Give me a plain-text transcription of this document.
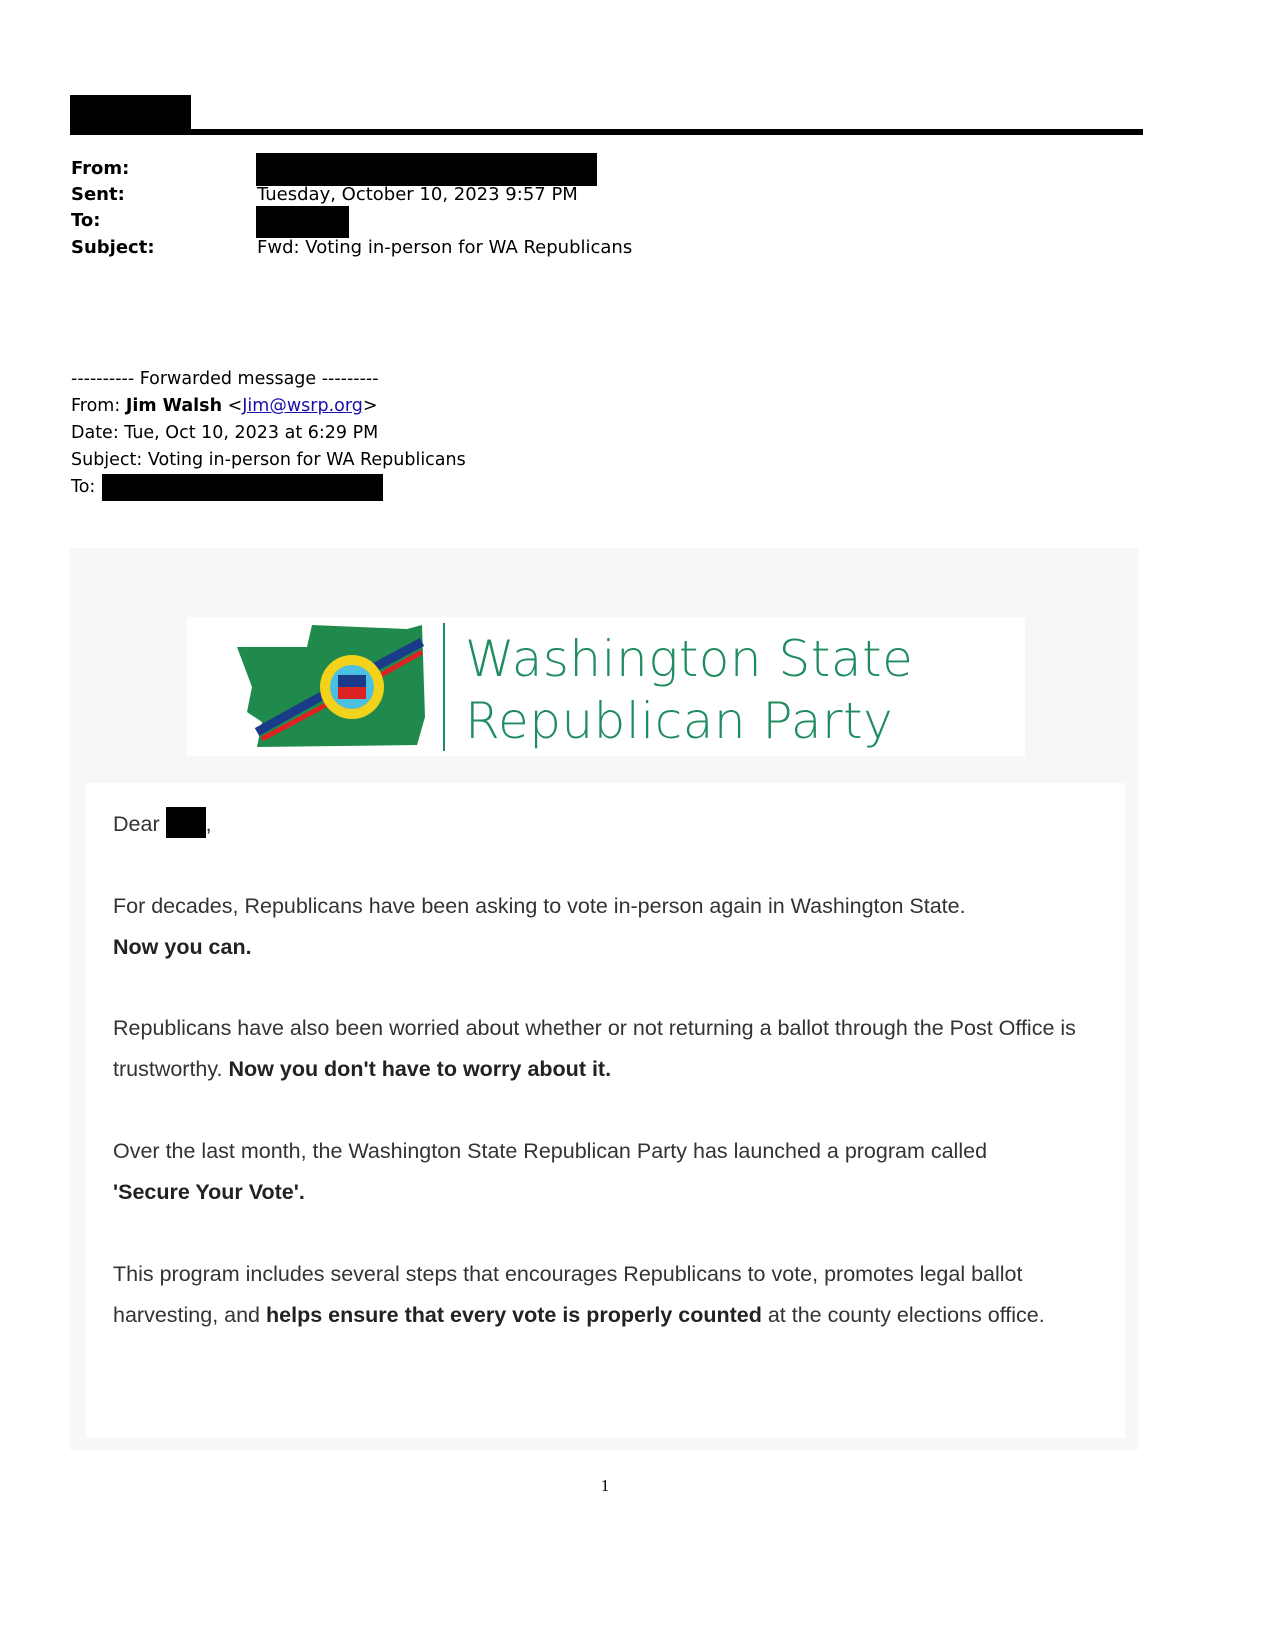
From:
Sent:	Tuesday, October 10, 2023 9:57 PM
To:
Subject:	Fwd: Voting in-person for WA Republicans
---------- Forwarded message ---------
From: Jim Walsh <Jim@wsrp.org>
Date: Tue, Oct 10, 2023 at 6:29 PM
Subject: Voting in-person for WA Republicans
To:
Washington State
Republican Party
Dear ,
For decades, Republicans have been asking to vote in-person again in Washington State.
Now you can.
Republicans have also been worried about whether or not returning a ballot through the Post Office is trustworthy. Now you don't have to worry about it.
Over the last month, the Washington State Republican Party has launched a program called
'Secure Your Vote'.
This program includes several steps that encourages Republicans to vote, promotes legal ballot harvesting, and helps ensure that every vote is properly counted at the county elections office.
1
